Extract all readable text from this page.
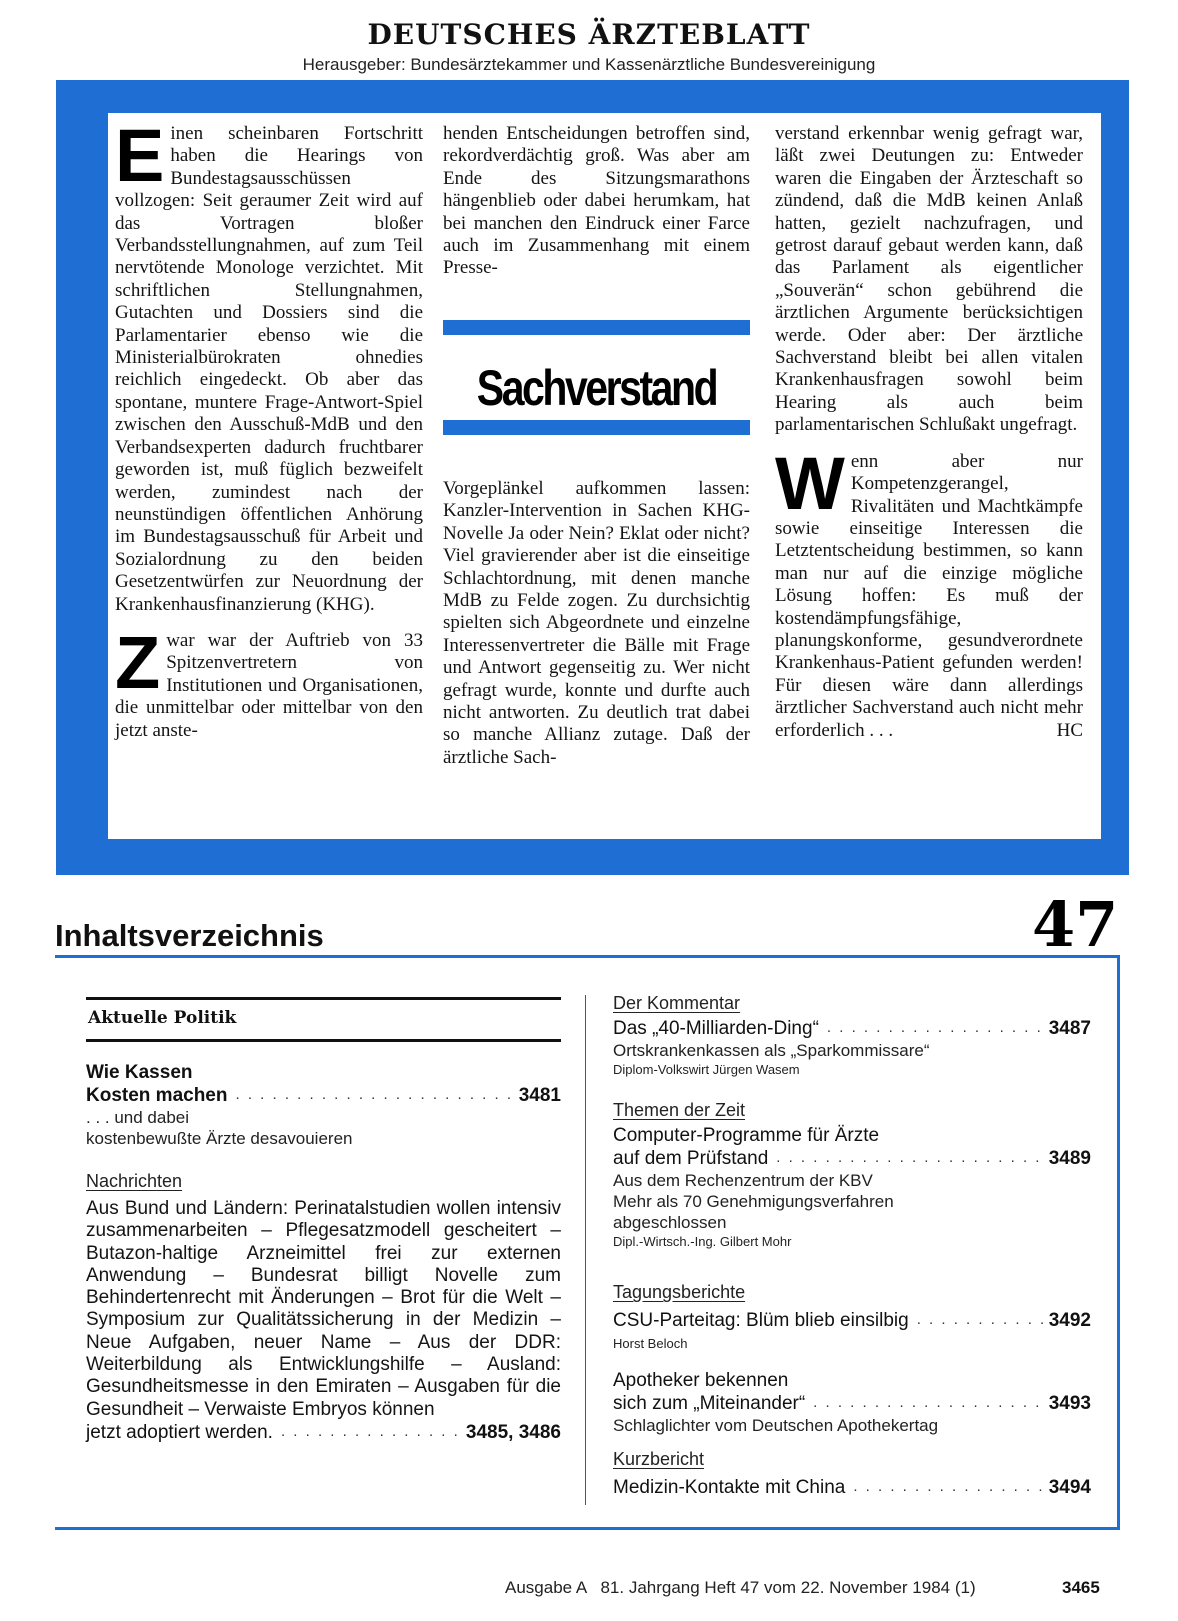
DEUTSCHES ÄRZTEBLATT
Herausgeber: Bundesärztekammer und Kassenärztliche Bundesvereinigung

Einen scheinbaren Fortschritt haben die Hearings von Bundestagsausschüssen vollzogen: Seit geraumer Zeit wird auf das Vortragen bloßer Verbandsstellungnahmen, auf zum Teil nervtötende Monologe verzichtet. Mit schriftlichen Stellungnahmen, Gutachten und Dossiers sind die Parlamentarier ebenso wie die Ministerialbürokraten ohnedies reichlich eingedeckt. Ob aber das spontane, muntere Frage-Antwort-Spiel zwischen den Ausschuß-MdB und den Verbandsexperten dadurch fruchtbarer geworden ist, muß füglich bezweifelt werden, zumindest nach der neunstündigen öffentlichen Anhörung im Bundestagsausschuß für Arbeit und Sozialordnung zu den beiden Gesetzentwürfen zur Neuordnung der Krankenhausfinanzierung (KHG).

Zwar war der Auftrieb von 33 Spitzenvertretern von Institutionen und Organisationen, die unmittelbar oder mittelbar von den jetzt anste-

henden Entscheidungen betroffen sind, rekordverdächtig groß. Was aber am Ende des Sitzungsmarathons hängenblieb oder dabei herumkam, hat bei manchen den Eindruck einer Farce auch im Zusammenhang mit einem Presse-

Sachverstand

Vorgeplänkel aufkommen lassen: Kanzler-Intervention in Sachen KHG-Novelle Ja oder Nein? Eklat oder nicht? Viel gravierender aber ist die einseitige Schlachtordnung, mit denen manche MdB zu Felde zogen. Zu durchsichtig spielten sich Abgeordnete und einzelne Interessenvertreter die Bälle mit Frage und Antwort gegenseitig zu. Wer nicht gefragt wurde, konnte und durfte auch nicht antworten. Zu deutlich trat dabei so manche Allianz zutage. Daß der ärztliche Sach-

verstand erkennbar wenig gefragt war, läßt zwei Deutungen zu: Entweder waren die Eingaben der Ärzteschaft so zündend, daß die MdB keinen Anlaß hatten, gezielt nachzufragen, und getrost darauf gebaut werden kann, daß das Parlament als eigentlicher „Souverän“ schon gebührend die ärztlichen Argumente berücksichtigen werde. Oder aber: Der ärztliche Sachverstand bleibt bei allen vitalen Krankenhausfragen sowohl beim Hearing als auch beim parlamentarischen Schlußakt ungefragt.

Wenn aber nur Kompetenzgerangel, Rivalitäten und Machtkämpfe sowie einseitige Interessen die Letztentscheidung bestimmen, so kann man nur auf die einzige mögliche Lösung hoffen: Es muß der kostendämpfungsfähige, planungskonforme, gesundverordnete Krankenhaus-Patient gefunden werden! Für diesen wäre dann allerdings ärztlicher Sachverstand auch nicht mehr erforderlich . . .	HC

Inhaltsverzeichnis	47
Aktuelle Politik
Wie Kassen
Kosten machen . . .	3481
. . . und dabei
kostenbewußte Ärzte desavouieren
Nachrichten
Aus Bund und Ländern: Perinatalstudien wollen intensiv zusammenarbeiten – Pflegesatzmodell gescheitert – Butazon-haltige Arzneimittel frei zur externen Anwendung – Bundesrat billigt Novelle zum Behindertenrecht mit Änderungen – Brot für die Welt – Symposium zur Qualitätssicherung in der Medizin – Neue Aufgaben, neuer Name – Aus der DDR: Weiterbildung als Entwicklungshilfe – Ausland: Gesundheitsmesse in den Emiraten – Ausgaben für die Gesundheit – Verwaiste Embryos können
jetzt adoptiert werden. . . .	3485, 3486
Der Kommentar
Das „40-Milliarden-Ding“ . . .	3487
Ortskrankenkassen als „Sparkommissare“
Diplom-Volkswirt Jürgen Wasem
Themen der Zeit
Computer-Programme für Ärzte
auf dem Prüfstand . . .	3489
Aus dem Rechenzentrum der KBV
Mehr als 70 Genehmigungsverfahren
abgeschlossen
Dipl.-Wirtsch.-Ing. Gilbert Mohr
Tagungsberichte
CSU-Parteitag: Blüm blieb einsilbig . . .	3492
Horst Beloch
Apotheker bekennen
sich zum „Miteinander“ . . .	3493
Schlaglichter vom Deutschen Apothekertag
Kurzbericht
Medizin-Kontakte mit China . . .	3494
Ausgabe A   81. Jahrgang Heft 47 vom 22. November 1984 (1)	3465
